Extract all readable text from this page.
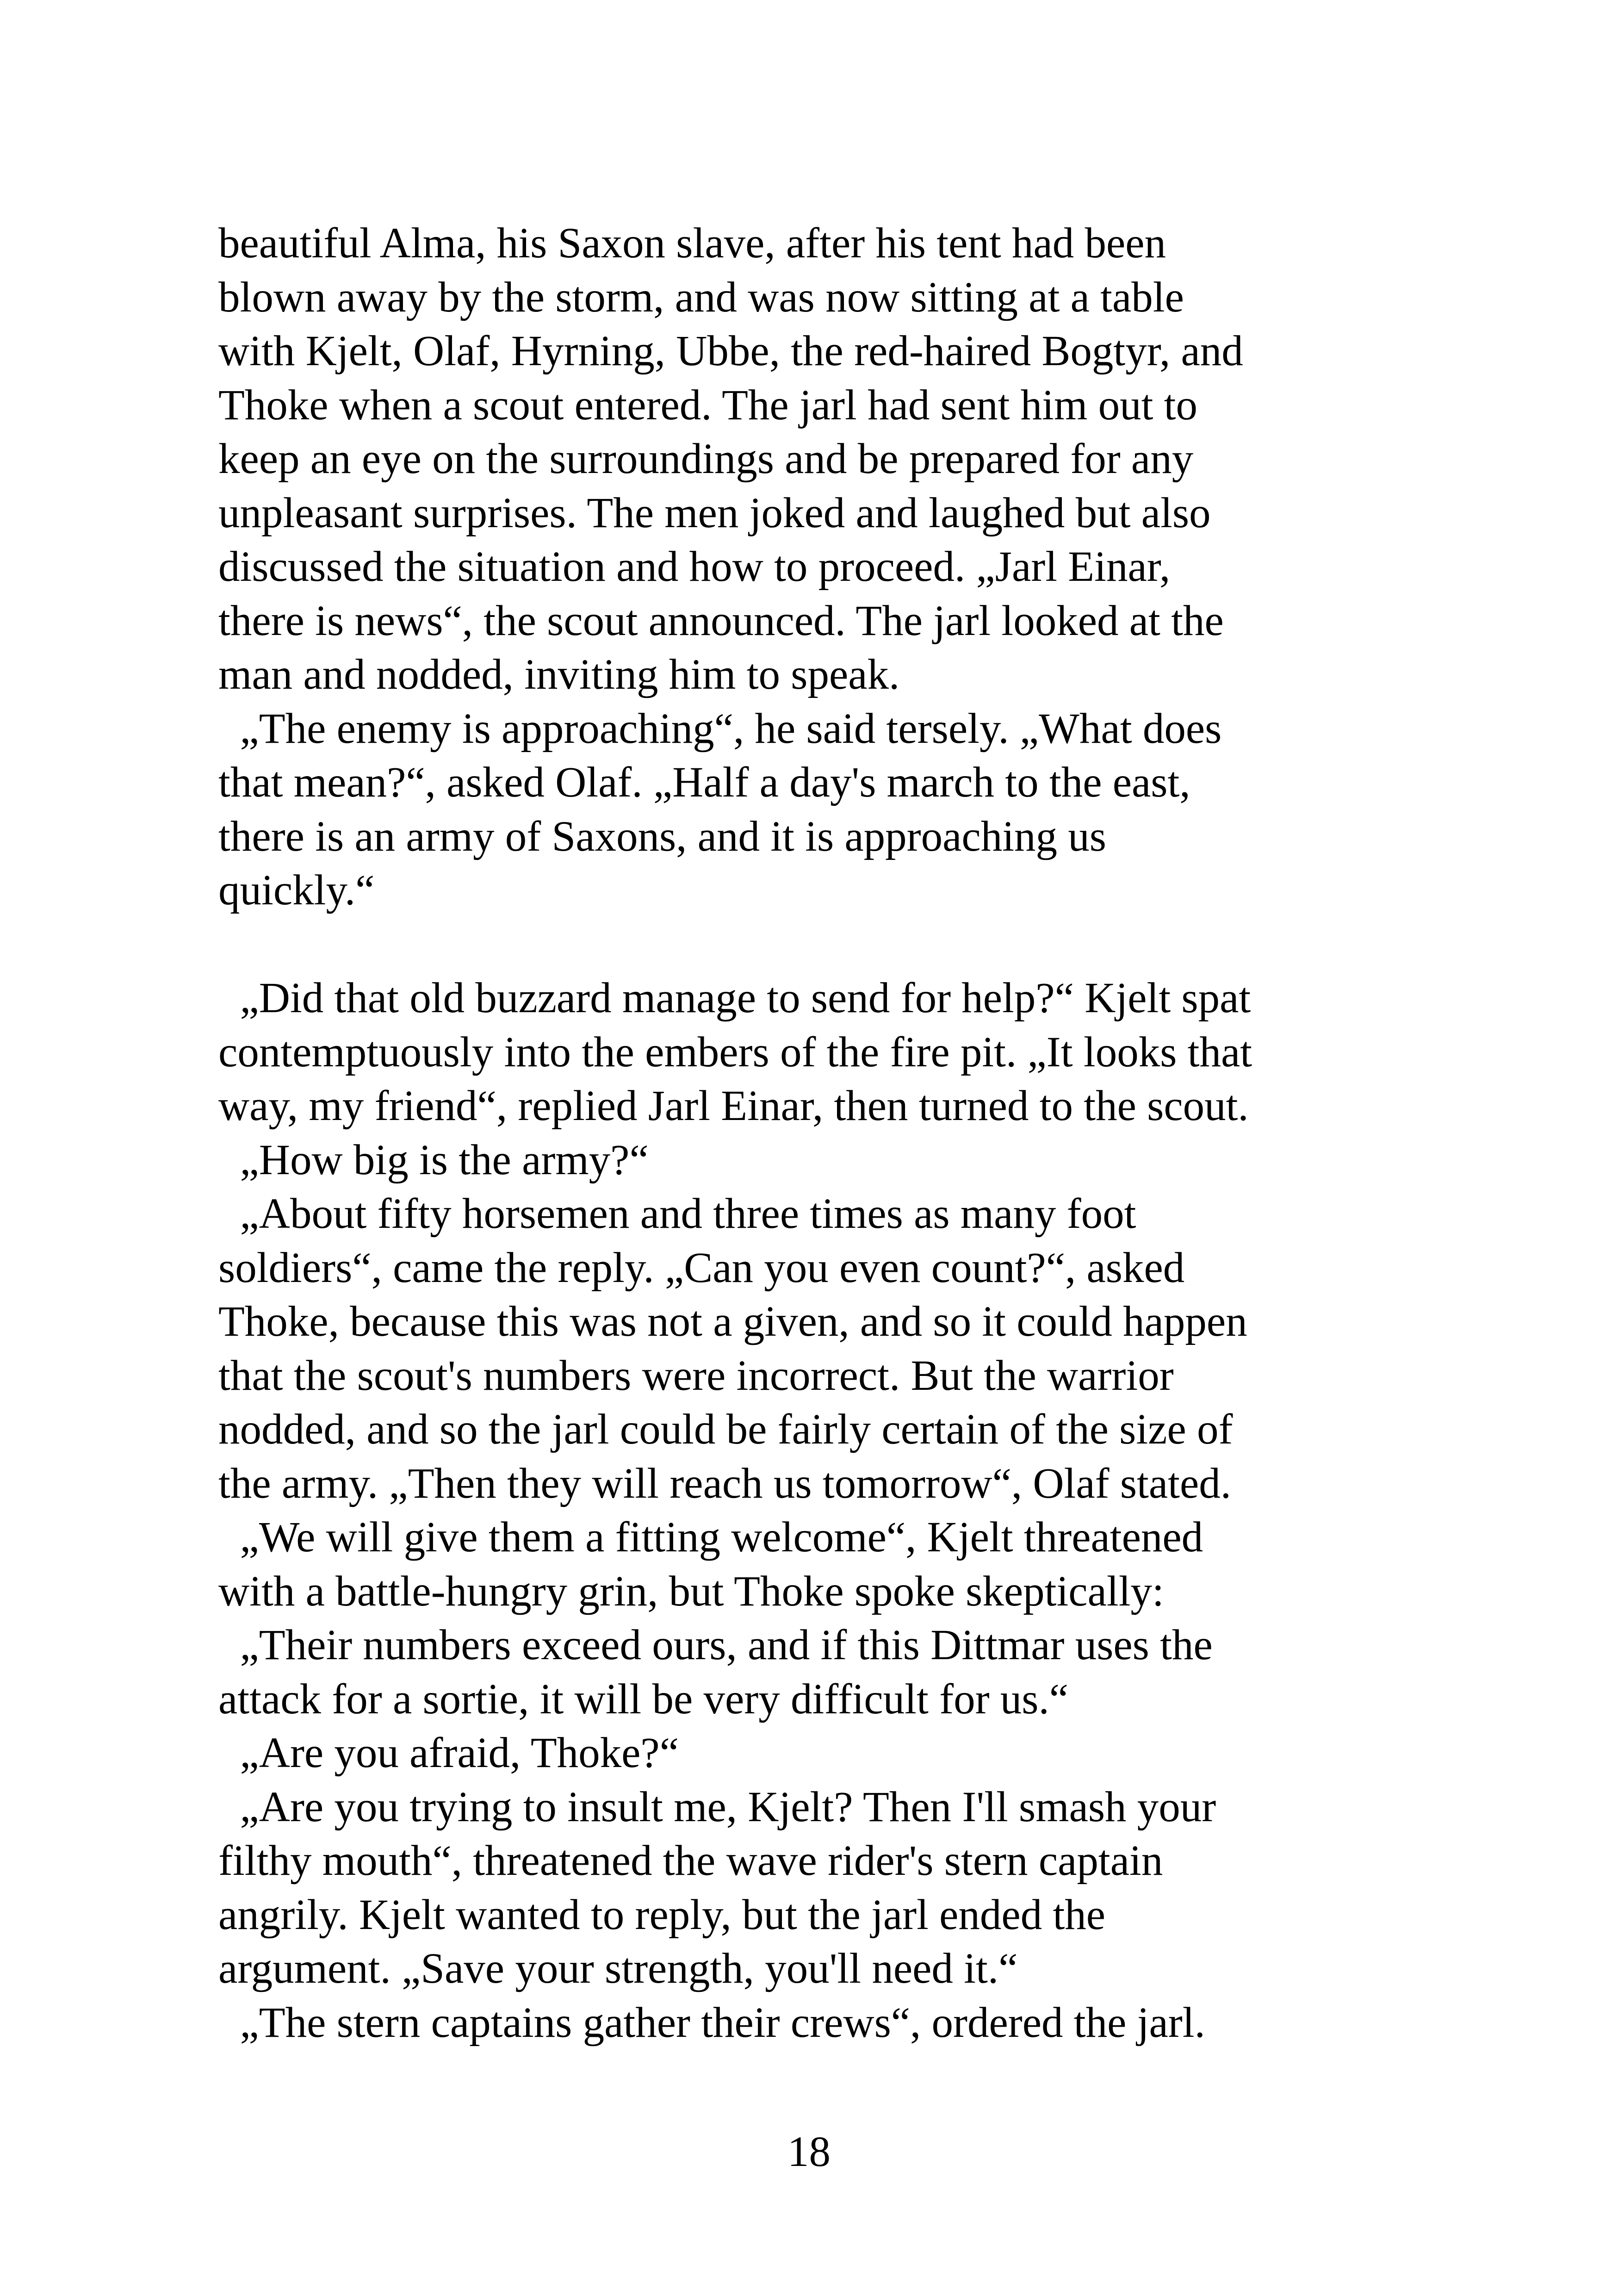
beautiful Alma, his Saxon slave, after his tent had been
blown away by the storm, and was now sitting at a table
with Kjelt, Olaf, Hyrning, Ubbe, the red-haired Bogtyr, and
Thoke when a scout entered. The jarl had sent him out to
keep an eye on the surroundings and be prepared for any
unpleasant surprises. The men joked and laughed but also
discussed the situation and how to proceed. „Jarl Einar,
there is news“, the scout announced. The jarl looked at the
man and nodded, inviting him to speak.
„The enemy is approaching“, he said tersely. „What does
that mean?“, asked Olaf. „Half a day's march to the east,
there is an army of Saxons, and it is approaching us
quickly.“
„Did that old buzzard manage to send for help?“ Kjelt spat
contemptuously into the embers of the fire pit. „It looks that
way, my friend“, replied Jarl Einar, then turned to the scout.
„How big is the army?“
„About fifty horsemen and three times as many foot
soldiers“, came the reply. „Can you even count?“, asked
Thoke, because this was not a given, and so it could happen
that the scout's numbers were incorrect. But the warrior
nodded, and so the jarl could be fairly certain of the size of
the army. „Then they will reach us tomorrow“, Olaf stated.
„We will give them a fitting welcome“, Kjelt threatened
with a battle-hungry grin, but Thoke spoke skeptically:
„Their numbers exceed ours, and if this Dittmar uses the
attack for a sortie, it will be very difficult for us.“
„Are you afraid, Thoke?“
„Are you trying to insult me, Kjelt? Then I'll smash your
filthy mouth“, threatened the wave rider's stern captain
angrily. Kjelt wanted to reply, but the jarl ended the
argument. „Save your strength, you'll need it.“
„The stern captains gather their crews“, ordered the jarl.
18
